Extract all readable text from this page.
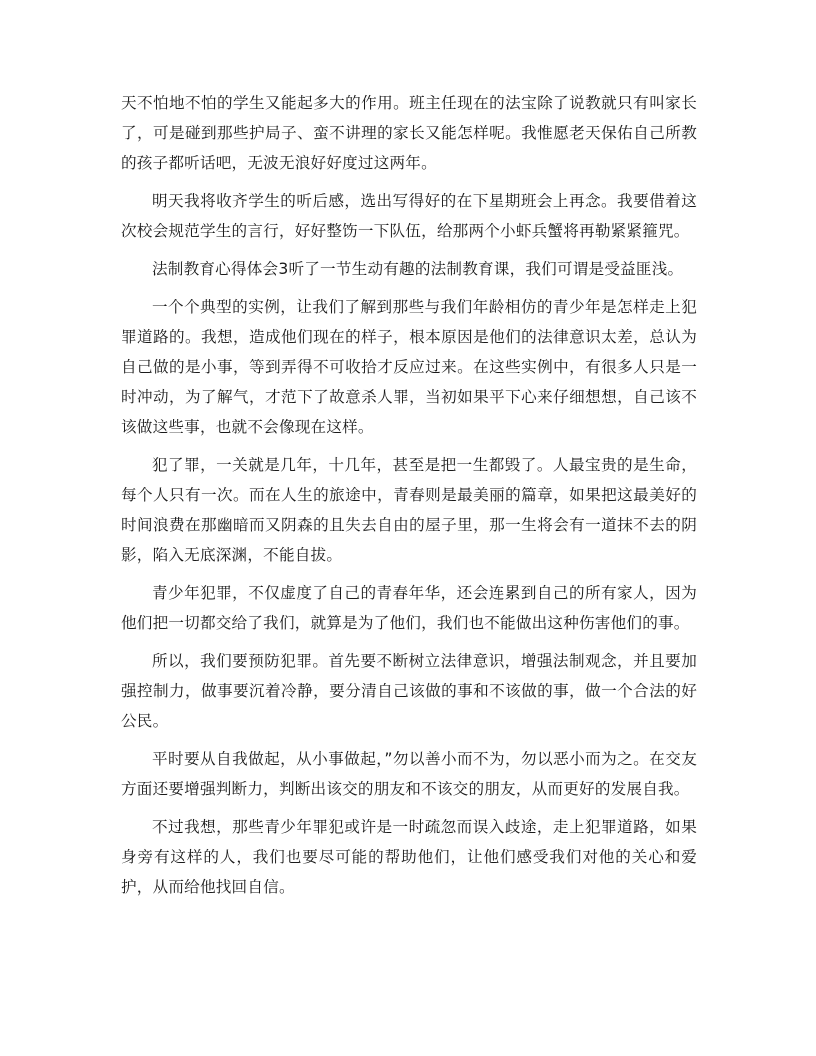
天不怕地不怕的学生又能起多大的作用。班主任现在的法宝除了说教就只有叫家长了，可是碰到那些护局子、蛮不讲理的家长又能怎样呢。我惟愿老天保佑自己所教的孩子都听话吧，无波无浪好好度过这两年。

明天我将收齐学生的听后感，选出写得好的在下星期班会上再念。我要借着这次校会规范学生的言行，好好整饬一下队伍，给那两个小虾兵蟹将再勒紧紧箍咒。

法制教育心得体会3听了一节生动有趣的法制教育课，我们可谓是受益匪浅。

一个个典型的实例，让我们了解到那些与我们年龄相仿的青少年是怎样走上犯罪道路的。我想，造成他们现在的样子，根本原因是他们的法律意识太差，总认为自己做的是小事，等到弄得不可收拾才反应过来。在这些实例中，有很多人只是一时冲动，为了解气，才范下了故意杀人罪，当初如果平下心来仔细想想，自己该不该做这些事，也就不会像现在这样。

犯了罪，一关就是几年，十几年，甚至是把一生都毁了。人最宝贵的是生命，每个人只有一次。而在人生的旅途中，青春则是最美丽的篇章，如果把这最美好的时间浪费在那幽暗而又阴森的且失去自由的屋子里，那一生将会有一道抹不去的阴影，陷入无底深渊，不能自拔。

青少年犯罪，不仅虚度了自己的青春年华，还会连累到自己的所有家人，因为他们把一切都交给了我们，就算是为了他们，我们也不能做出这种伤害他们的事。

所以，我们要预防犯罪。首先要不断树立法律意识，增强法制观念，并且要加强控制力，做事要沉着冷静，要分清自己该做的事和不该做的事，做一个合法的好公民。

平时要从自我做起，从小事做起，”勿以善小而不为，勿以恶小而为之。在交友方面还要增强判断力，判断出该交的朋友和不该交的朋友，从而更好的发展自我。

不过我想，那些青少年罪犯或许是一时疏忽而误入歧途，走上犯罪道路，如果身旁有这样的人，我们也要尽可能的帮助他们，让他们感受我们对他的关心和爱护，从而给他找回自信。
